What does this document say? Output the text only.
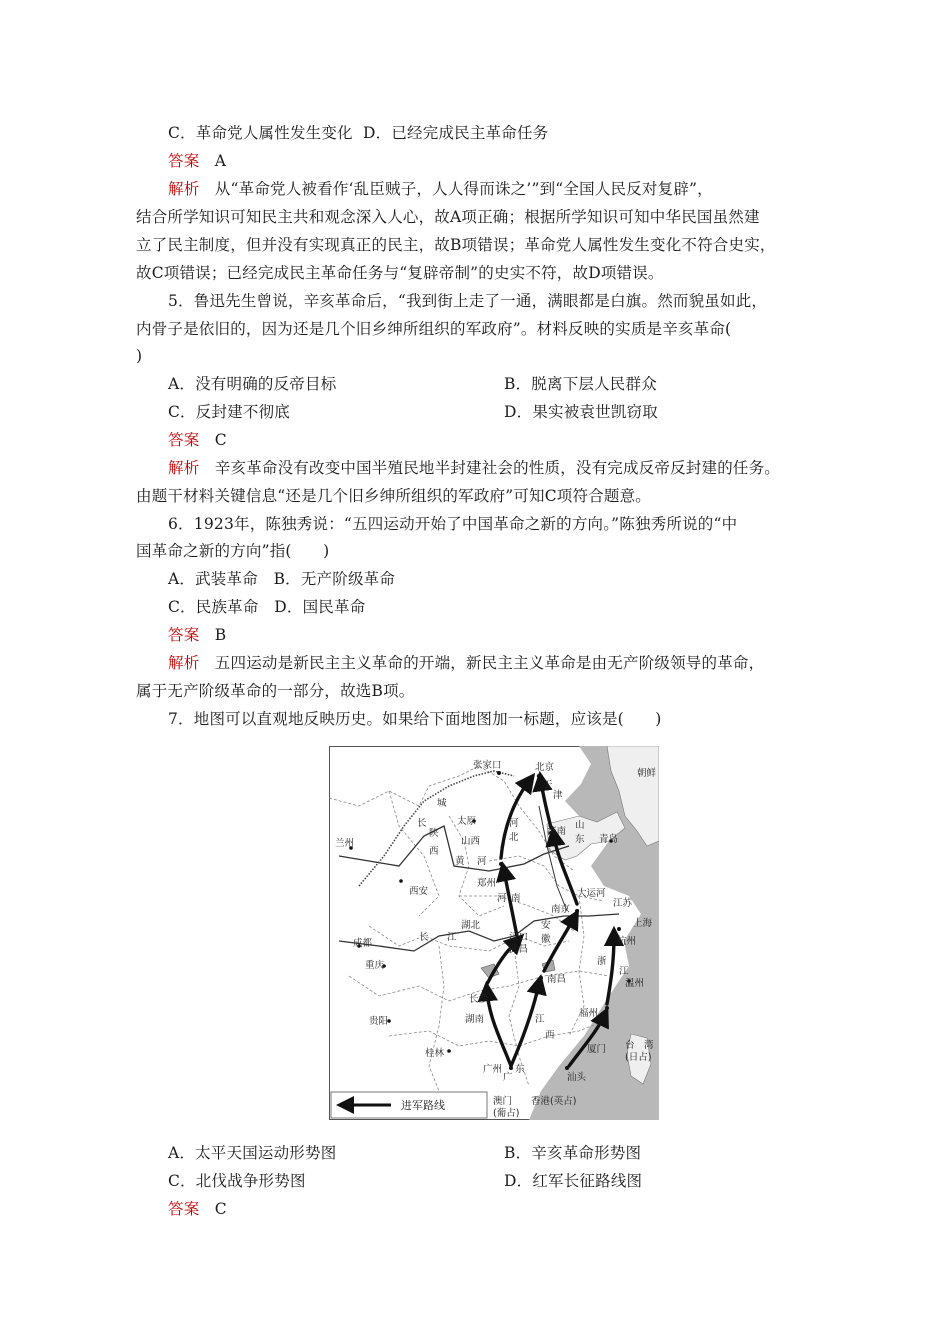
C．革命党人属性发生变化 D．已经完成民主革命任务
答案 A
解析 从“革命党人被看作‘乱臣贼子，人人得而诛之’”到“全国人民反对复辟”，
结合所学知识可知民主共和观念深入人心，故A项正确；根据所学知识可知中华民国虽然建
立了民主制度，但并没有实现真正的民主，故B项错误；革命党人属性发生变化不符合史实，
故C项错误；已经完成民主革命任务与“复辟帝制”的史实不符，故D项错误。
5．鲁迅先生曾说，辛亥革命后，“我到街上走了一通，满眼都是白旗。然而貌虽如此，
内骨子是依旧的，因为还是几个旧乡绅所组织的军政府”。材料反映的实质是辛亥革命(
)
A．没有明确的反帝目标	B．脱离下层人民群众
C．反封建不彻底	D．果实被袁世凯窃取
答案 C
解析 辛亥革命没有改变中国半殖民地半封建社会的性质，没有完成反帝反封建的任务。
由题干材料关键信息“还是几个旧乡绅所组织的军政府”可知C项符合题意。
6．1923年，陈独秀说：“五四运动开始了中国革命之新的方向。”陈独秀所说的“中
国革命之新的方向”指(　　)
A．武装革命　B．无产阶级革命
C．民族革命　D．国民革命
答案 B
解析 五四运动是新民主主义革命的开端，新民主主义革命是由无产阶级领导的革命，
属于无产阶级革命的一部分，故选B项。
7．地图可以直观地反映历史。如果给下面地图加一标题，应该是(　　)
张家口	北京
朝鲜
长
城
天
津
太原
山西
河
北
陕
西
兰州
济南
山
东 青岛
黄 河
郑州
河 南
西安	大运河
江苏
南京
安
徽
上海
湖北
长 江	汉口
武昌
成都
重庆
杭州
南昌
长沙
浙
江
温州
湖南	江
西
贵阳
福州
桂林
台　湾
(日占)
厦门
广州
广
东
汕头
澳门
(葡占)
香港(英占)
进军路线
A．太平天国运动形势图	B．辛亥革命形势图
C．北伐战争形势图	D．红军长征路线图
答案 C
